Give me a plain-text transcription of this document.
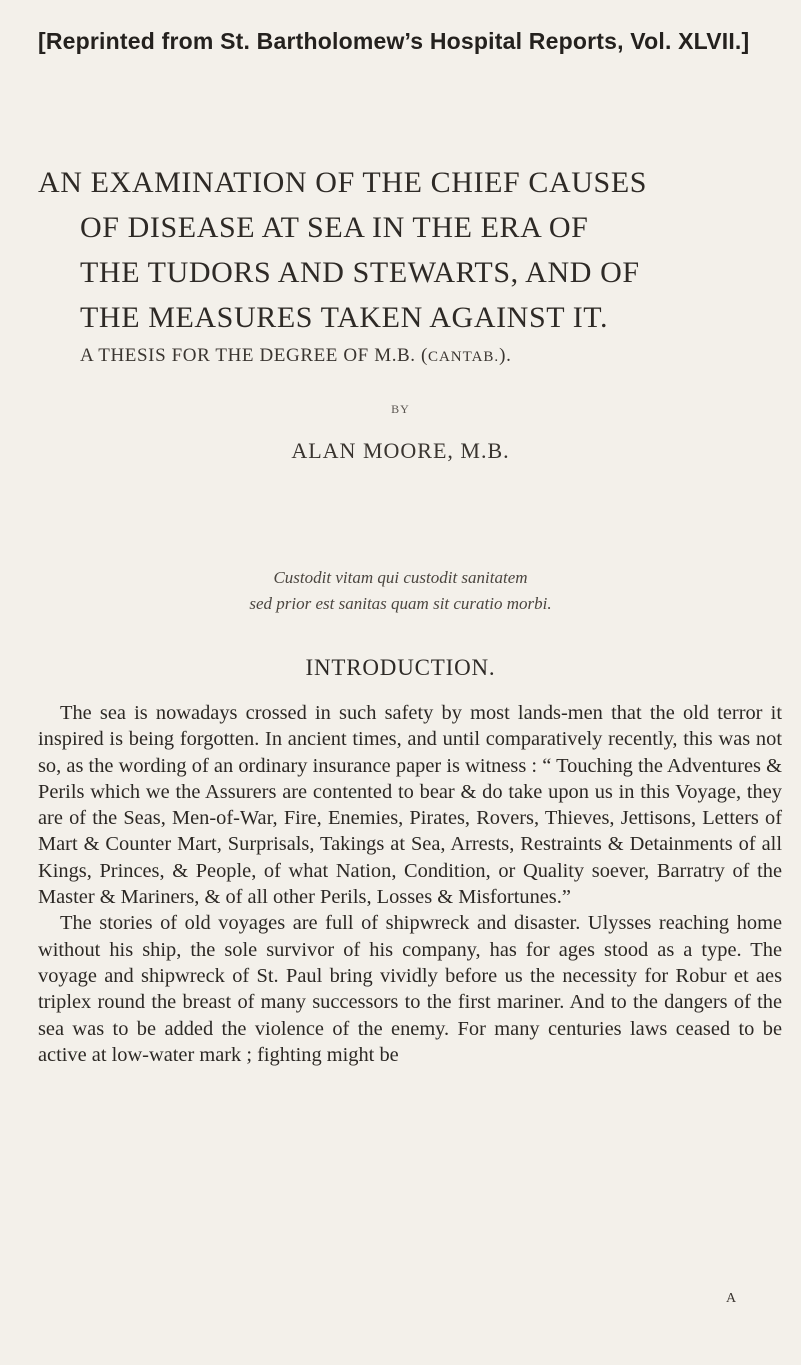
[Reprinted from St. Bartholomew’s Hospital Reports, Vol. XLVII.]
AN EXAMINATION OF THE CHIEF CAUSES
OF DISEASE AT SEA IN THE ERA OF
THE TUDORS AND STEWARTS, AND OF
THE MEASURES TAKEN AGAINST IT.
A THESIS FOR THE DEGREE OF M.B. (CANTAB.).
BY
ALAN MOORE, M.B.
Custodit vitam qui custodit sanitatem
sed prior est sanitas quam sit curatio morbi.
INTRODUCTION.

The sea is nowadays crossed in such safety by most lands-men that the old terror it inspired is being forgotten. In ancient times, and until comparatively recently, this was not so, as the wording of an ordinary insurance paper is witness : “ Touching the Adventures & Perils which we the Assurers are contented to bear & do take upon us in this Voyage, they are of the Seas, Men-of-War, Fire, Enemies, Pirates, Rovers, Thieves, Jettisons, Letters of Mart & Counter Mart, Surprisals, Takings at Sea, Arrests, Restraints & Detainments of all Kings, Princes, & People, of what Nation, Condition, or Quality soever, Barratry of the Master & Mariners, & of all other Perils, Losses & Misfortunes.”

The stories of old voyages are full of shipwreck and disaster. Ulysses reaching home without his ship, the sole survivor of his company, has for ages stood as a type. The voyage and shipwreck of St. Paul bring vividly before us the necessity for Robur et aes triplex round the breast of many successors to the first mariner. And to the dangers of the sea was to be added the violence of the enemy. For many centuries laws ceased to be active at low-water mark ; fighting might be

A
